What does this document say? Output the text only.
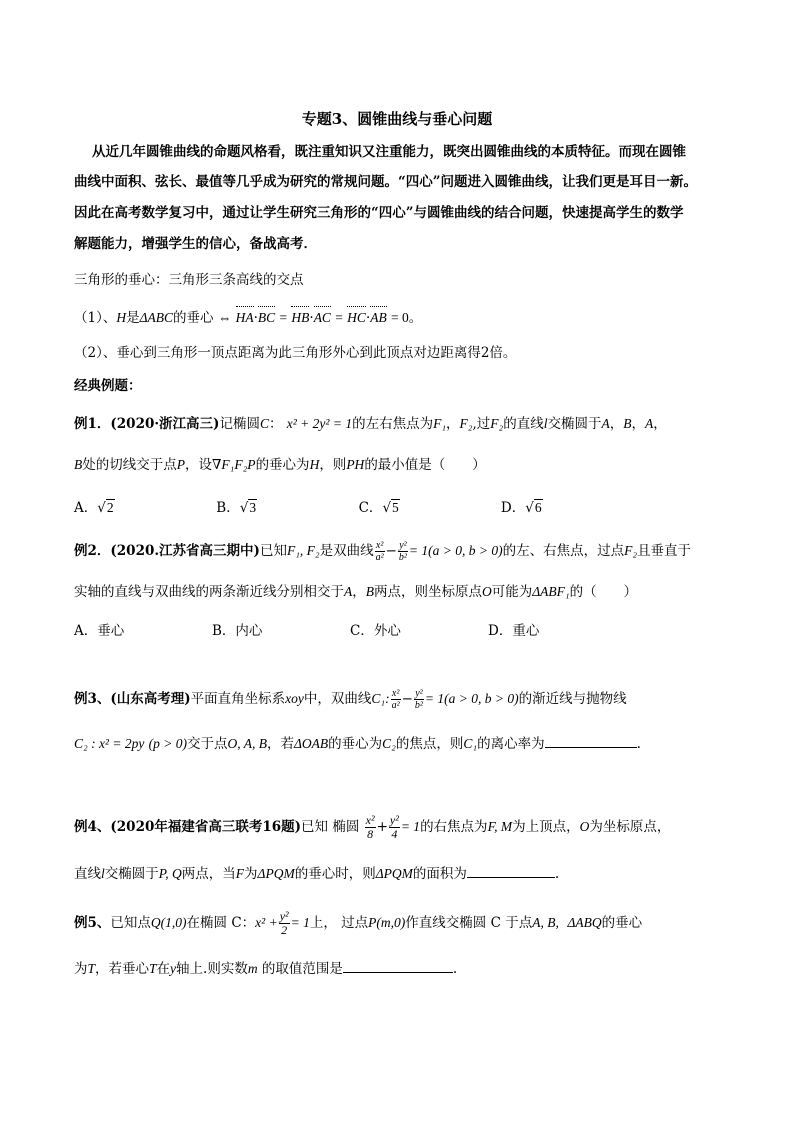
专题3、圆锥曲线与垂心问题
从近几年圆锥曲线的命题风格看，既注重知识又注重能力，既突出圆锥曲线的本质特征。而现在圆锥
曲线中面积、弦长、最值等几乎成为研究的常规问题。“四心”问题进入圆锥曲线，让我们更是耳目一新。
因此在高考数学复习中，通过让学生研究三角形的“四心”与圆锥曲线的结合问题，快速提高学生的数学
解题能力，增强学生的信心，备战高考．
三角形的垂心：三角形三条高线的交点
（1）、H是ΔABC的垂心 ⇔ HA·BC = HB·AC = HC·AB = 0。
（2）、垂心到三角形一顶点距离为此三角形外心到此顶点对边距离得2倍。
经典例题：
例1．(2020·浙江高三)记椭圆C： x² + 2y² = 1的左右焦点为F₁，F₂,过F₂的直线l交椭圆于A，B，A，
B处的切线交于点P，设∇F₁F₂P的垂心为H，则PH的最小值是（　　）
A．√2	B．√3	C．√5	D．√6
例2．(2020.江苏省高三期中)已知F₁, F₂是双曲线 $\frac{\text{x²}}{\text{a²}} - \frac{\text{y²}}{\text{b²}} = 1(a > 0$, b > 0)的左、右焦点，过点F₂且垂直于
实轴的直线与双曲线的两条渐近线分别相交于A，B两点，则坐标原点O可能为ΔABF₁的（　　）
A．垂心	B．内心	C．外心	D．重心
例3、(山东高考理)平面直角坐标系xoy中，双曲线C₁: $\frac{\text{x²}}{\text{a²}} - \frac{\text{y²}}{\text{b²}} = 1(a > 0$, b > 0)的渐近线与抛物线
C₂ : x² = 2py (p > 0)交于点O, A, B，若ΔOAB的垂心为C₂的焦点，则C₁的离心率为	.
例4、(2020年福建省高三联考16题)已知 椭圆 $\frac{\text{x²}}{8} + \frac{\text{y²}}{4} = 1$的右焦点为F, M为上顶点，O为坐标原点，
直线l交椭圆于P, Q两点，当F为ΔPQM的垂心时，则ΔPQM的面积为	.
例5、已知点Q(1,0)在椭圆 C：$x^2 + \frac{\text{y²}}{2} = 1$上， 过点P(m,0)作直线交椭圆 C 于点A, B, ΔABQ的垂心
为T，若垂心T在y轴上.则实数m 的取值范围是	.
